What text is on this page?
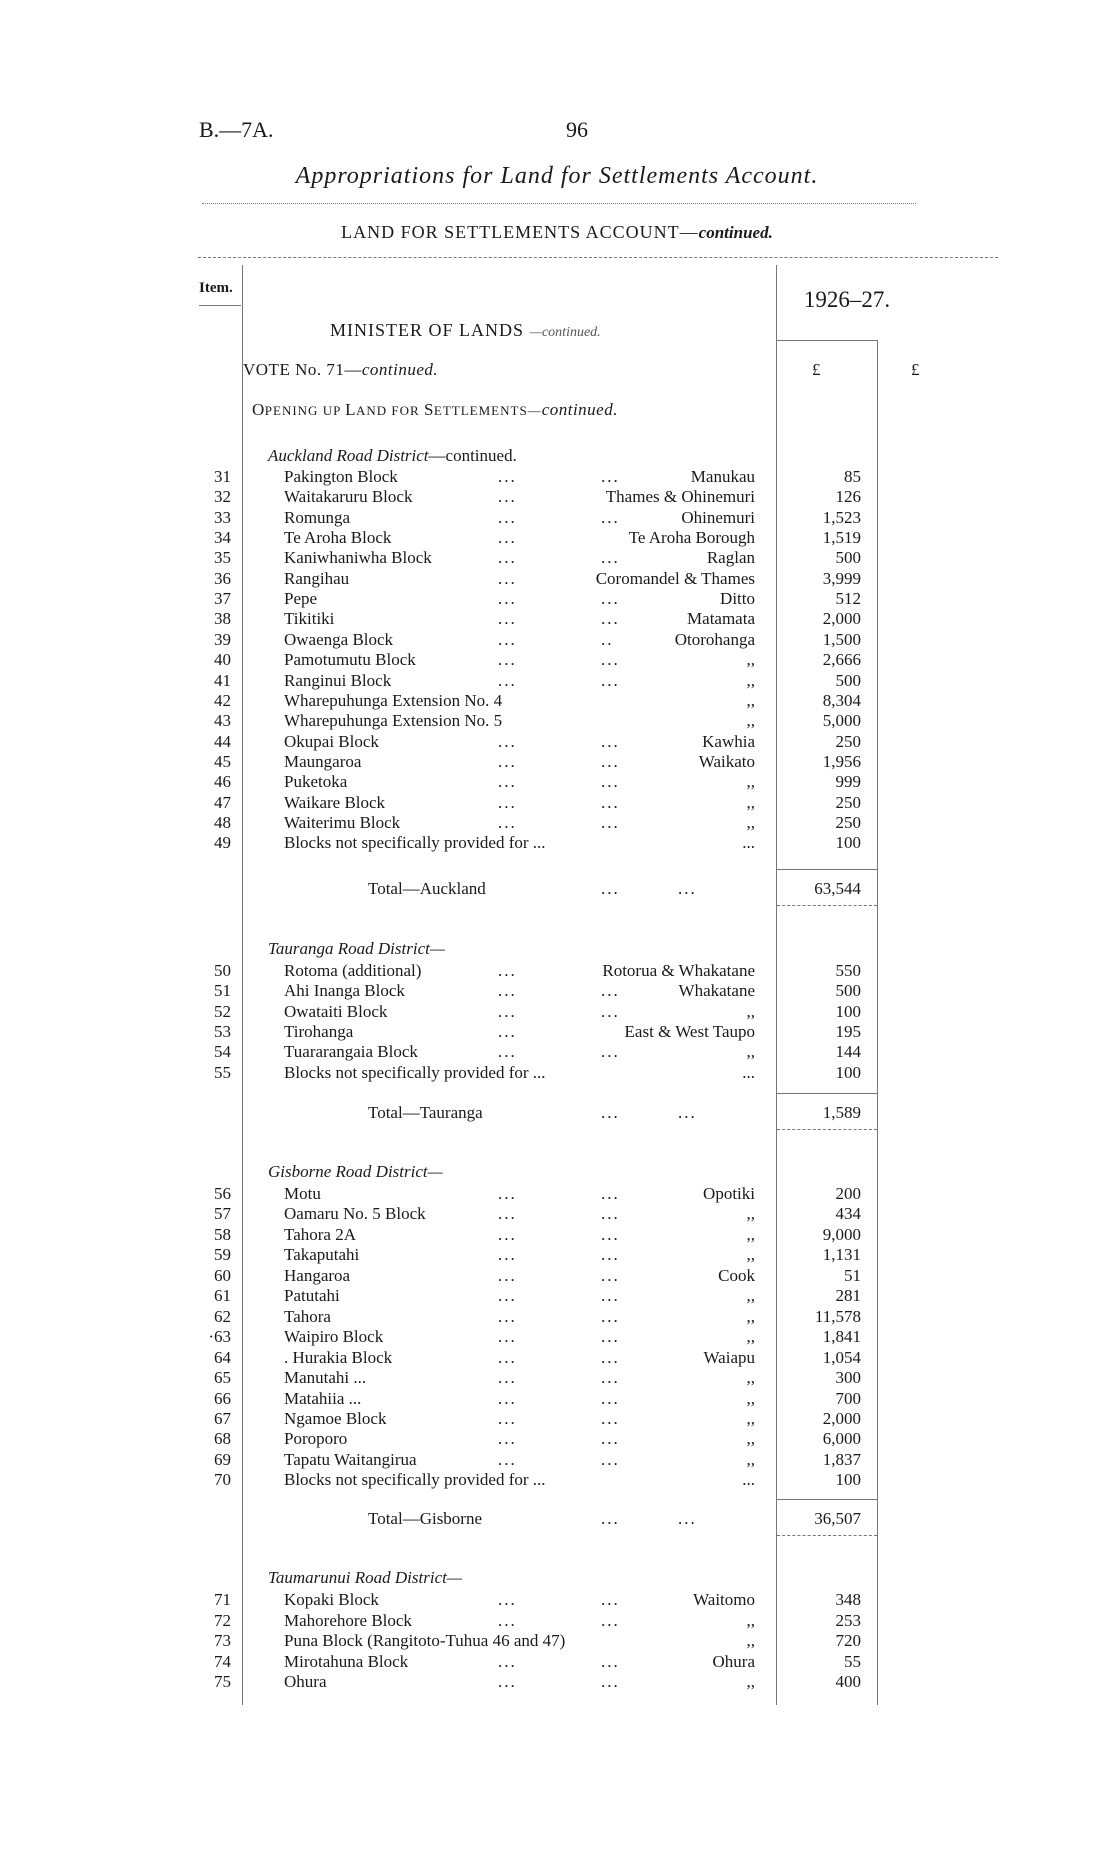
B.—7A.	96
Appropriations for Land for Settlements Account.
LAND FOR SETTLEMENTS ACCOUNT—continued.
Item.	1926–27.
MINISTER OF LANDS —continued.
VOTE No. 71—continued.	£	£
OPENING UP LAND FOR SETTLEMENTS—continued.
Auckland Road District—continued.
31	Pakington Block	...	...	Manukau	85
32	Waitakaruru Block	...	Thames & Ohinemuri	126
33	Romunga	...	...	Ohinemuri	1,523
34	Te Aroha Block	...	Te Aroha Borough	1,519
35	Kaniwhaniwha Block	...	...	Raglan	500
36	Rangihau	...	Coromandel & Thames	3,999
37	Pepe	...	...	Ditto	512
38	Tikitiki	...	...	Matamata	2,000
39	Owaenga Block	...	..	Otorohanga	1,500
40	Pamotumutu Block	...	...	,,	2,666
41	Ranginui Block	...	...	,,	500
42	Wharepuhunga Extension No. 4	,,	8,304
43	Wharepuhunga Extension No. 5	,,	5,000
44	Okupai Block	...	...	Kawhia	250
45	Maungaroa	...	...	Waikato	1,956
46	Puketoka	...	...	,,	999
47	Waikare Block	...	...	,,	250
48	Waiterimu Block	...	...	,,	250
49	Blocks not specifically provided for ...	...	100
Total—Auckland	...	...	63,544
Tauranga Road District—
50	Rotoma (additional)	...	Rotorua & Whakatane	550
51	Ahi Inanga Block	...	...	Whakatane	500
52	Owataiti Block	...	...	,,	100
53	Tirohanga	...	East & West Taupo	195
54	Tuararangaia Block	...	...	,,	144
55	Blocks not specifically provided for ...	...	100
Total—Tauranga	...	...	1,589
Gisborne Road District—
56	Motu	...	...	Opotiki	200
57	Oamaru No. 5 Block	...	...	,,	434
58	Tahora 2A	...	...	,,	9,000
59	Takaputahi	...	...	,,	1,131
60	Hangaroa	...	...	Cook	51
61	Patutahi	...	...	,,	281
62	Tahora	...	...	,,	11,578
·63	Waipiro Block	...	...	,,	1,841
64	. Hurakia Block	...	...	Waiapu	1,054
65	Manutahi ...	...	...	,,	300
66	Matahiia ...	...	...	,,	700
67	Ngamoe Block	...	...	,,	2,000
68	Poroporo	...	...	,,	6,000
69	Tapatu Waitangirua	...	...	,,	1,837
70	Blocks not specifically provided for ...	...	100
Total—Gisborne	...	...	36,507
Taumarunui Road District—
71	Kopaki Block	...	...	Waitomo	348
72	Mahorehore Block	...	...	,,	253
73	Puna Block (Rangitoto-Tuhua 46 and 47)	,,	720
74	Mirotahuna Block	...	...	Ohura	55
75	Ohura	...	...	,,	400
